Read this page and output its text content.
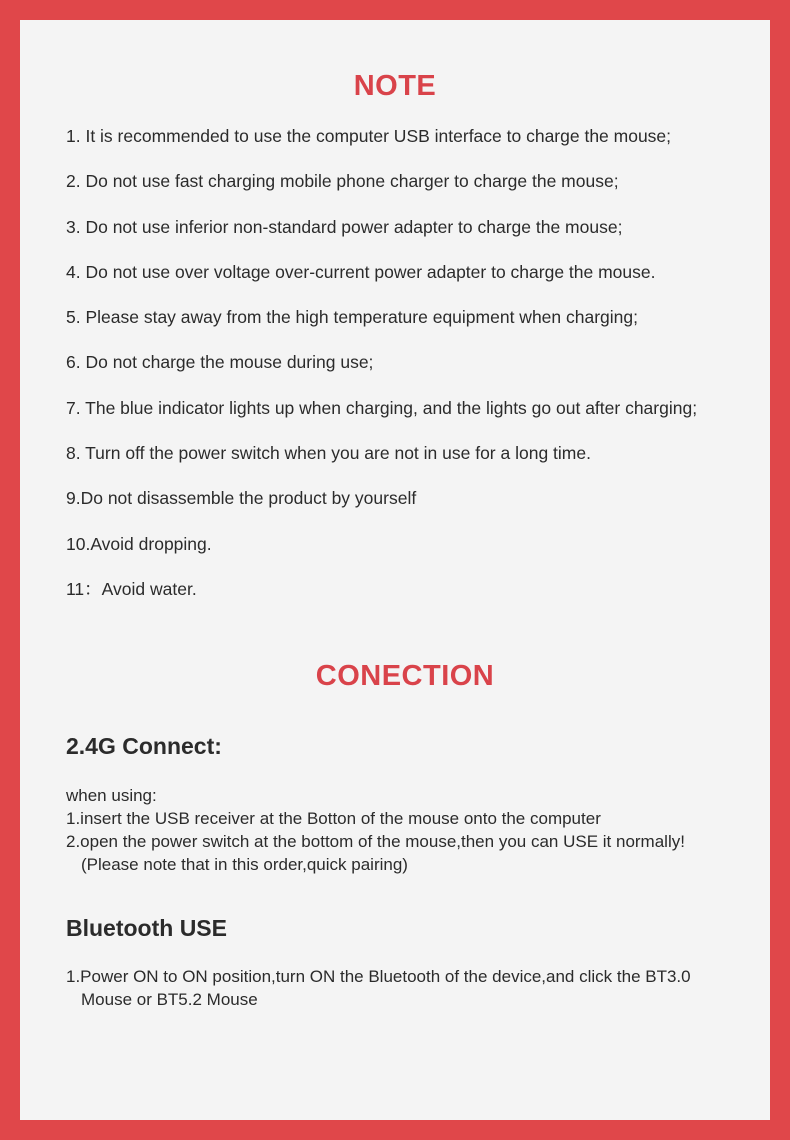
NOTE
1. It is recommended to use the computer USB interface to charge the mouse;
2. Do not use fast charging mobile phone charger to charge the mouse;
3. Do not use inferior non-standard power adapter to charge the mouse;
4. Do not use over voltage over-current power adapter to charge the mouse.
5. Please stay away from the high temperature equipment when charging;
6. Do not charge the mouse during use;
7. The blue indicator lights up when charging, and the lights go out after charging;
8. Turn off the power switch when you are not in use for a long time.
9.Do not disassemble the product by yourself
10.Avoid dropping.
11：Avoid water.
CONECTION
2.4G Connect:
when using:
1.insert the USB receiver at the Botton of the mouse onto the computer
2.open the power switch at the bottom of the mouse,then you can USE it normally!
(Please note that in this order,quick pairing)
Bluetooth USE
1.Power ON to ON position,turn ON the Bluetooth of the device,and click the BT3.0
Mouse or BT5.2 Mouse
